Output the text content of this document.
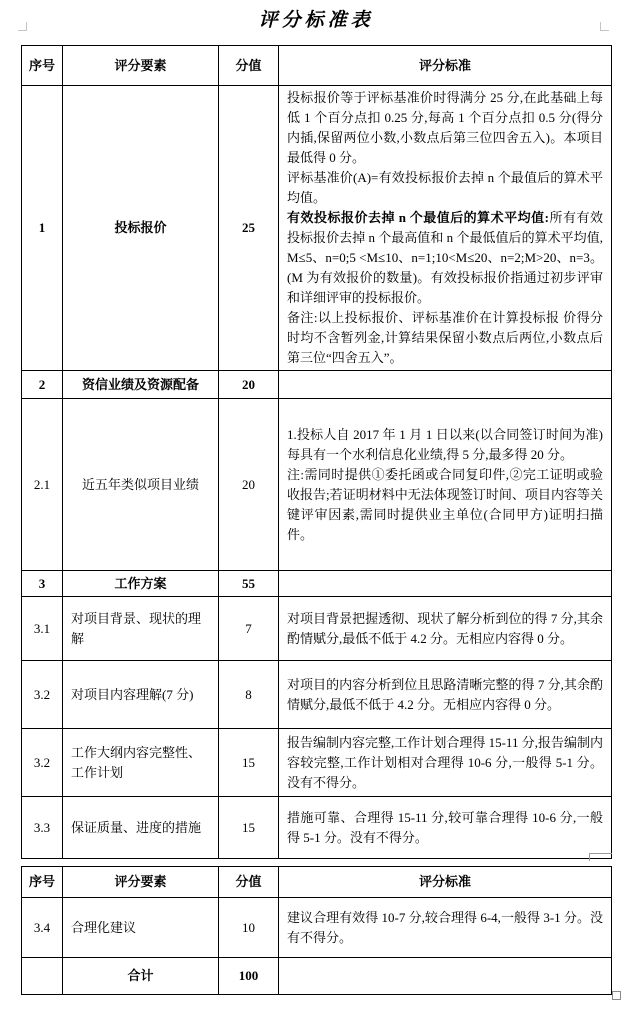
评分标准表
序号	评分要素	分值	评分标准
1	投标报价	25	投标报价等于评标基准价时得满分 25 分,在此基础上每低 1 个百分点扣 0.25 分,每高 1 个百分点扣 0.5 分(得分内插,保留两位小数,小数点后第三位四舍五入)。本项目最低得 0 分。

评标基准价(A)=有效投标报价去掉 n 个最值后的算术平均值。

有效投标报价去掉 n 个最值后的算术平均值:所有有效投标报价去掉 n 个最高值和 n 个最低值后的算术平均值,M≤5、n=0;5 <M≤10、n=1;10<M≤20、n=2;M>20、n=3。 (M 为有效报价的数量)。有效投标报价指通过初步评审和详细评审的投标报价。

备注:以上投标报价、评标基准价在计算投标报 价得分时均不含暂列金,计算结果保留小数点后两位,小数点后第三位“四舍五入”。

2	资信业绩及资源配备	20	
2.1	近五年类似项目业绩	20	1.投标人自 2017 年 1 月 1 日以来(以合同签订时间为准)每具有一个水利信息化业绩,得 5 分,最多得 20 分。

注:需同时提供①委托函或合同复印件,②完工证明或验收报告;若证明材料中无法体现签订时间、项目内容等关键评审因素,需同时提供业主单位(合同甲方)证明扫描件。

3	工作方案	55	
3.1	对项目背景、现状的理解	7	对项目背景把握透彻、现状了解分析到位的得 7 分,其余酌情赋分,最低不低于 4.2 分。无相应内容得 0 分。
3.2	对项目内容理解(7 分)	8	对项目的内容分析到位且思路清晰完整的得 7 分,其余酌情赋分,最低不低于 4.2 分。无相应内容得 0 分。
3.2	工作大纲内容完整性、工作计划	15	报告编制内容完整,工作计划合理得 15-11 分,报告编制内容较完整,工作计划相对合理得 10-6 分,一般得 5-1 分。没有不得分。
3.3	保证质量、进度的措施	15	措施可靠、合理得 15-11 分,较可靠合理得 10-6 分,一般得 5-1 分。没有不得分。
序号	评分要素	分值	评分标准
3.4	合理化建议	10	建议合理有效得 10-7 分,较合理得 6-4,一般得 3-1 分。没有不得分。
	合计	100	
